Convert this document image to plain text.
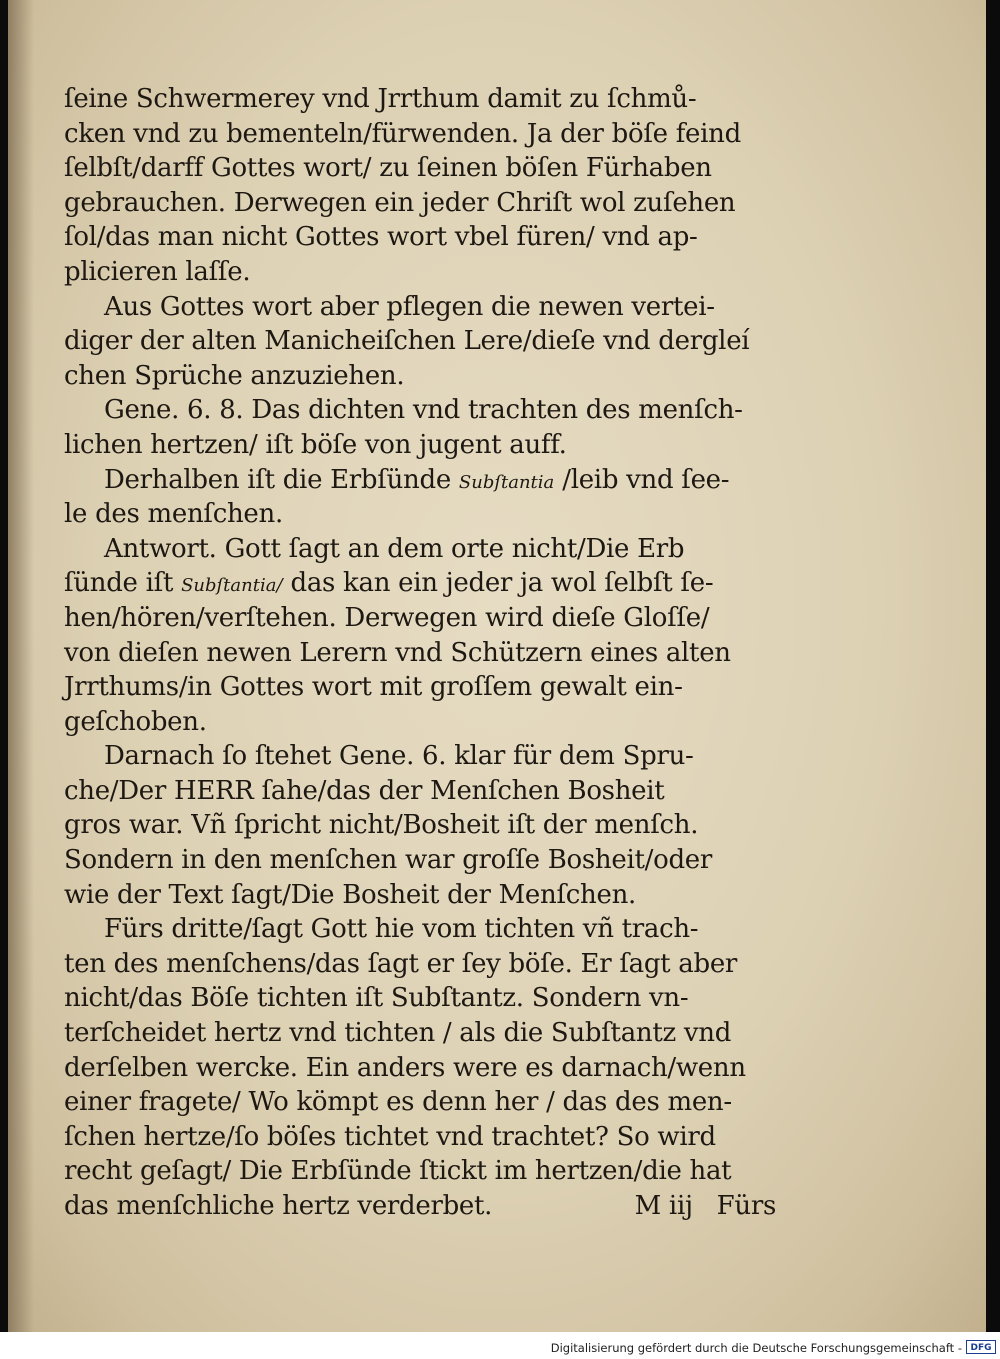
ſeine Schwermerey vnd Jrrthum damit zu ſchmů-
cken vnd zu bementeln/fürwenden. Ja der böſe feind
ſelbſt/darff Gottes wort/ zu ſeinen böſen Fürhaben
gebrauchen. Derwegen ein jeder Chriſt wol zuſehen
ſol/das man nicht Gottes wort vbel füren/ vnd ap-
plicieren laſſe.
Aus Gottes wort aber pflegen die newen vertei-
diger der alten Manicheiſchen Lere/dieſe vnd dergleí
chen Sprüche anzuziehen.
Gene. 6. 8. Das dichten vnd trachten des menſch-
lichen hertzen/ iſt böſe von jugent auff.
Derhalben iſt die Erbſünde Subſtantia /leib vnd ſee-
le des menſchen.
Antwort. Gott ſagt an dem orte nicht/Die Erb
ſünde iſt Subſtantia/ das kan ein jeder ja wol ſelbſt ſe-
hen/hören/verſtehen. Derwegen wird dieſe Gloſſe/
von dieſen newen Lerern vnd Schützern eines alten
Jrrthums/in Gottes wort mit groſſem gewalt ein-
geſchoben.
Darnach ſo ſtehet Gene. 6. klar für dem Spru-
che/Der HERR ſahe/das der Menſchen Bosheit
gros war. Vñ ſpricht nicht/Bosheit iſt der menſch.
Sondern in den menſchen war groſſe Bosheit/oder
wie der Text ſagt/Die Bosheit der Menſchen.
Fürs dritte/ſagt Gott hie vom tichten vñ trach-
ten des menſchens/das ſagt er ſey böſe. Er ſagt aber
nicht/das Böſe tichten iſt Subſtantz. Sondern vn-
terſcheidet hertz vnd tichten / als die Subſtantz vnd
derſelben wercke. Ein anders were es darnach/wenn
einer fragete/ Wo kömpt es denn her / das des men-
ſchen hertze/ſo böſes tichtet vnd trachtet? So wird
recht geſagt/ Die Erbſünde ſtickt im hertzen/die hat
das menſchliche hertz verderbet.	M iij Fürs
Digitalisierung gefördert durch die Deutsche Forschungsgemeinschaft - DFG
